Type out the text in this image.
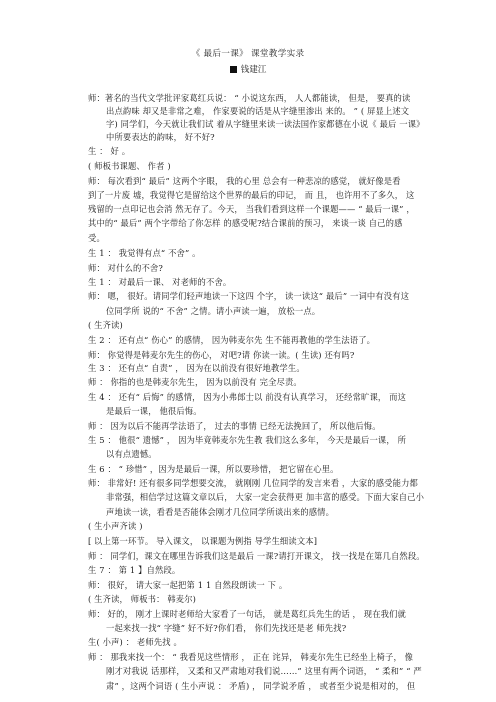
《 最后一课》 课堂教学实录
钱建江
师：著名的当代文学批评家葛红兵说： “ 小说这东西， 人人都能读， 但是， 要真的读
出点韵味 却又是非常之难， 作家要说的话是从字缝里渗出 来的。 ” ( 屏显上述文
字) 同学们，今天就让我们试 着从字缝里来读一读法国作家都德在小说《 最后 一课》
中所要表达的韵味， 好不好?
生 ： 好 。
( 师板书课题、 作者 )
师： 每次看到“ 最后” 这两个字眼， 我的心里 总会有一种悲凉的感觉， 就好像是看
到了一片废 墟，我觉得它是留给这个世界的最后的印记， 而 且， 也许用不了多久， 这
残留的一点印记也会消 然无存了。今天， 当我们看到这样一个课题—— “ 最后一课” ，
其中的“ 最后” 两个字带给了你怎样 的感受呢?结合课前的预习， 来谈一谈 自己的感
受。
生 1 ： 我觉得有点“ 不舍” 。
师： 对什么的不舍?
生 1 ： 对最后一课、 对老师的不舍。
师： 嗯， 很好。请同学们轻声地读一下这四 个字， 读一读这“ 最后” 一词中有没有这
位同学所 说的“ 不舍” 之情。请小声读一遍， 放松一点。
( 生齐读)
生 2 ： 还有点“ 伤心” 的感情， 因为韩麦尔先 生不能再教他的学生法语了。
师： 你觉得是韩麦尔先生的伤心， 对吧?请 你读一读。( 生读) 还有吗?
生 3 ： 还有点“ 自责” ， 因为在以前没有很好地教学生。
师 ： 你指的也是韩麦尔先生， 因为以前没有 完全尽责。
生 4 ： 还有“ 后悔” 的感情， 因为小弗郎士以 前没有认真学习， 还经常旷课， 而这
是最后一课， 他很后悔。
师 ： 因为以后不能再学法语了， 过去的事情 已经无法挽回了， 所以他后悔。
生 5 ： 他很“ 遗憾” ， 因为毕竟韩麦尔先生教 我们这么多年， 今天是最后一课， 所
以有点遗憾。
生 6 ： “ 珍惜” ，因为是最后一课，所以要珍惜， 把它留在心里。
师： 非常好! 还有很多同学想要交流， 就刚刚 几位同学的发言来看 ，大家的感受能力都
非常强，相信学过这篇文章以后， 大家一定会获得更 加丰富的感受。下面大家自己小
声地读一读，看看是否能体会刚才几位同学所谈出来的感情。
( 生小声齐读 )
[ 以上第一环节。 导入课文， 以课题为例指 导学生细读文本]
师 ： 同学们，课文在哪里告诉我们这是最后 一课?请打开课文， 找一找是在第几自然段。
生 7 ： 第 1 】自然段。
师： 很好， 请大家一起把第 1 1 自然段朗读一 下 。
( 生齐读， 师板书： 韩麦尔)
师： 好的， 刚才上课时老师给大家看了一句话， 就是葛红兵先生的话 ， 现在我们就
一起来找一找“ 字缝” 好不好?你们看， 你们先找还是老 师先找?
生( 小声) ： 老师先找 。
师 ： 那我来找一个： “ 我看见这些情形 ， 正在 诧异， 韩麦尔先生已经坐上椅子， 像
刚才对我说 话那样， 又柔和又严肃地对我们说……” 这里有两个词语， “ 柔和” “ 严
肃” ，这两个词语 ( 生小声说 ： 矛盾) ， 同学说矛盾 ， 或者至少说是相对的， 但
